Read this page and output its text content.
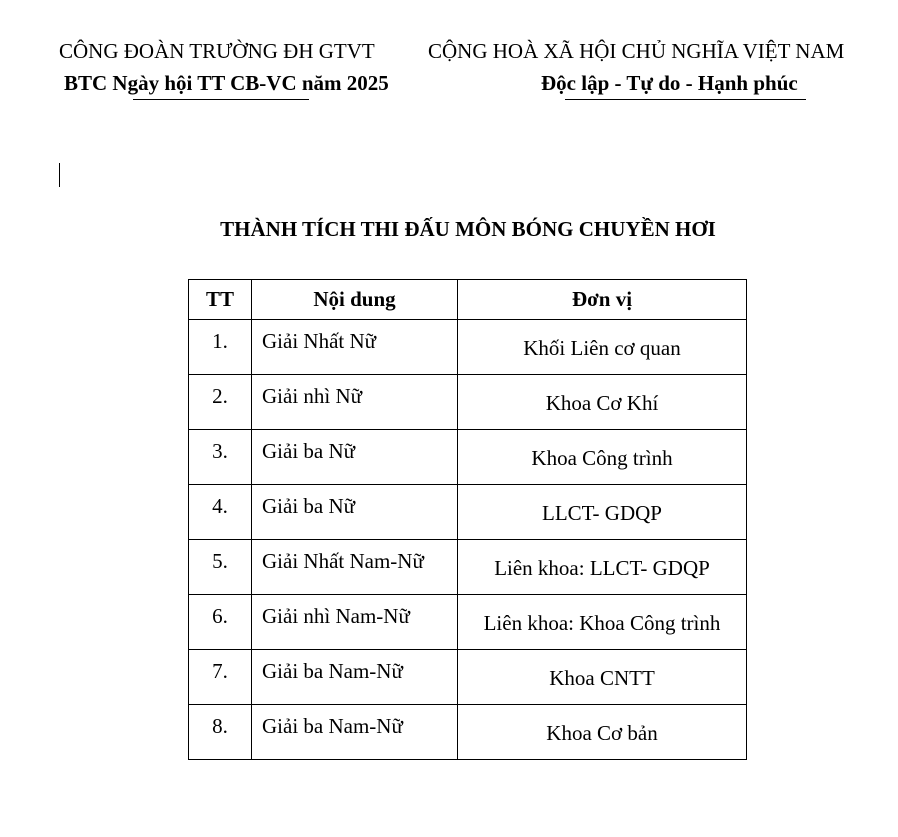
CÔNG ĐOÀN TRƯỜNG ĐH GTVT
BTC Ngày hội TT CB-VC năm 2025
CỘNG HOÀ XÃ HỘI CHỦ NGHĨA VIỆT NAM
Độc lập - Tự do - Hạnh phúc
THÀNH TÍCH THI ĐẤU MÔN BÓNG CHUYỀN HƠI
TT	Nội dung	Đơn vị
1.	Giải Nhất Nữ	Khối Liên cơ quan
2.	Giải nhì Nữ	Khoa Cơ Khí
3.	Giải ba Nữ	Khoa Công trình
4.	Giải ba Nữ	LLCT- GDQP
5.	Giải Nhất Nam-Nữ	Liên khoa: LLCT- GDQP
6.	Giải nhì Nam-Nữ	Liên khoa: Khoa Công trình
7.	Giải ba Nam-Nữ	Khoa CNTT
8.	Giải ba Nam-Nữ	Khoa Cơ bản
